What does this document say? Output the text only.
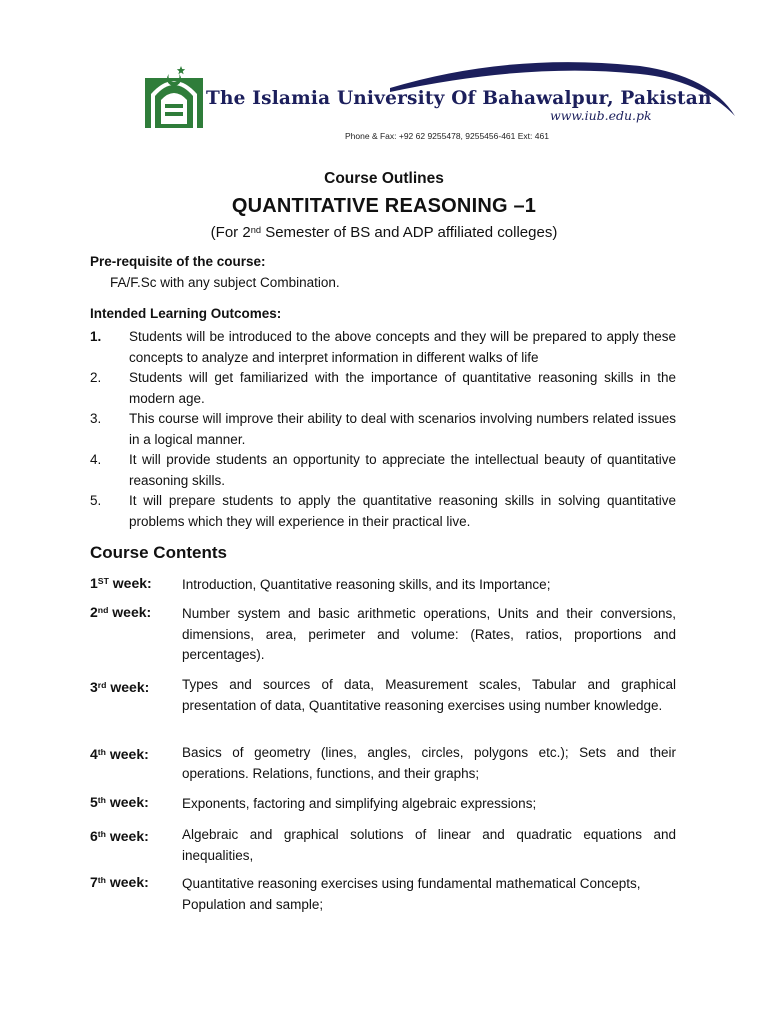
The Islamia University Of Bahawalpur, Pakistan
www.iub.edu.pk
Phone & Fax: +92 62 9255478, 9255456-461 Ext: 461
Course Outlines
QUANTITATIVE REASONING –1
(For 2nd Semester of BS and ADP affiliated colleges)
Pre-requisite of the course:
FA/F.Sc with any subject Combination.
Intended Learning Outcomes:
1.	Students will be introduced to the above concepts and they will be prepared to apply these concepts to analyze and interpret information in different walks of life
2.	Students will get familiarized with the importance of quantitative reasoning skills in the modern age.
3.	This course will improve their ability to deal with scenarios involving numbers related issues in a logical manner.
4.	It will provide students an opportunity to appreciate the intellectual beauty of quantitative reasoning skills.
5.	It will prepare students to apply the quantitative reasoning skills in solving quantitative problems which they will experience in their practical live.
Course Contents
1ST week: Introduction, Quantitative reasoning skills, and its Importance;
2nd week: Number system and basic arithmetic operations, Units and their conversions, dimensions, area, perimeter and volume: (Rates, ratios, proportions and percentages).
3rd week: Types and sources of data, Measurement scales, Tabular and graphical presentation of data, Quantitative reasoning exercises using number knowledge.
4th week: Basics of geometry (lines, angles, circles, polygons etc.); Sets and their operations. Relations, functions, and their graphs;
5th week: Exponents, factoring and simplifying algebraic expressions;
6th week: Algebraic and graphical solutions of linear and quadratic equations and inequalities,
7th week: Quantitative reasoning exercises using fundamental mathematical Concepts, Population and sample;
